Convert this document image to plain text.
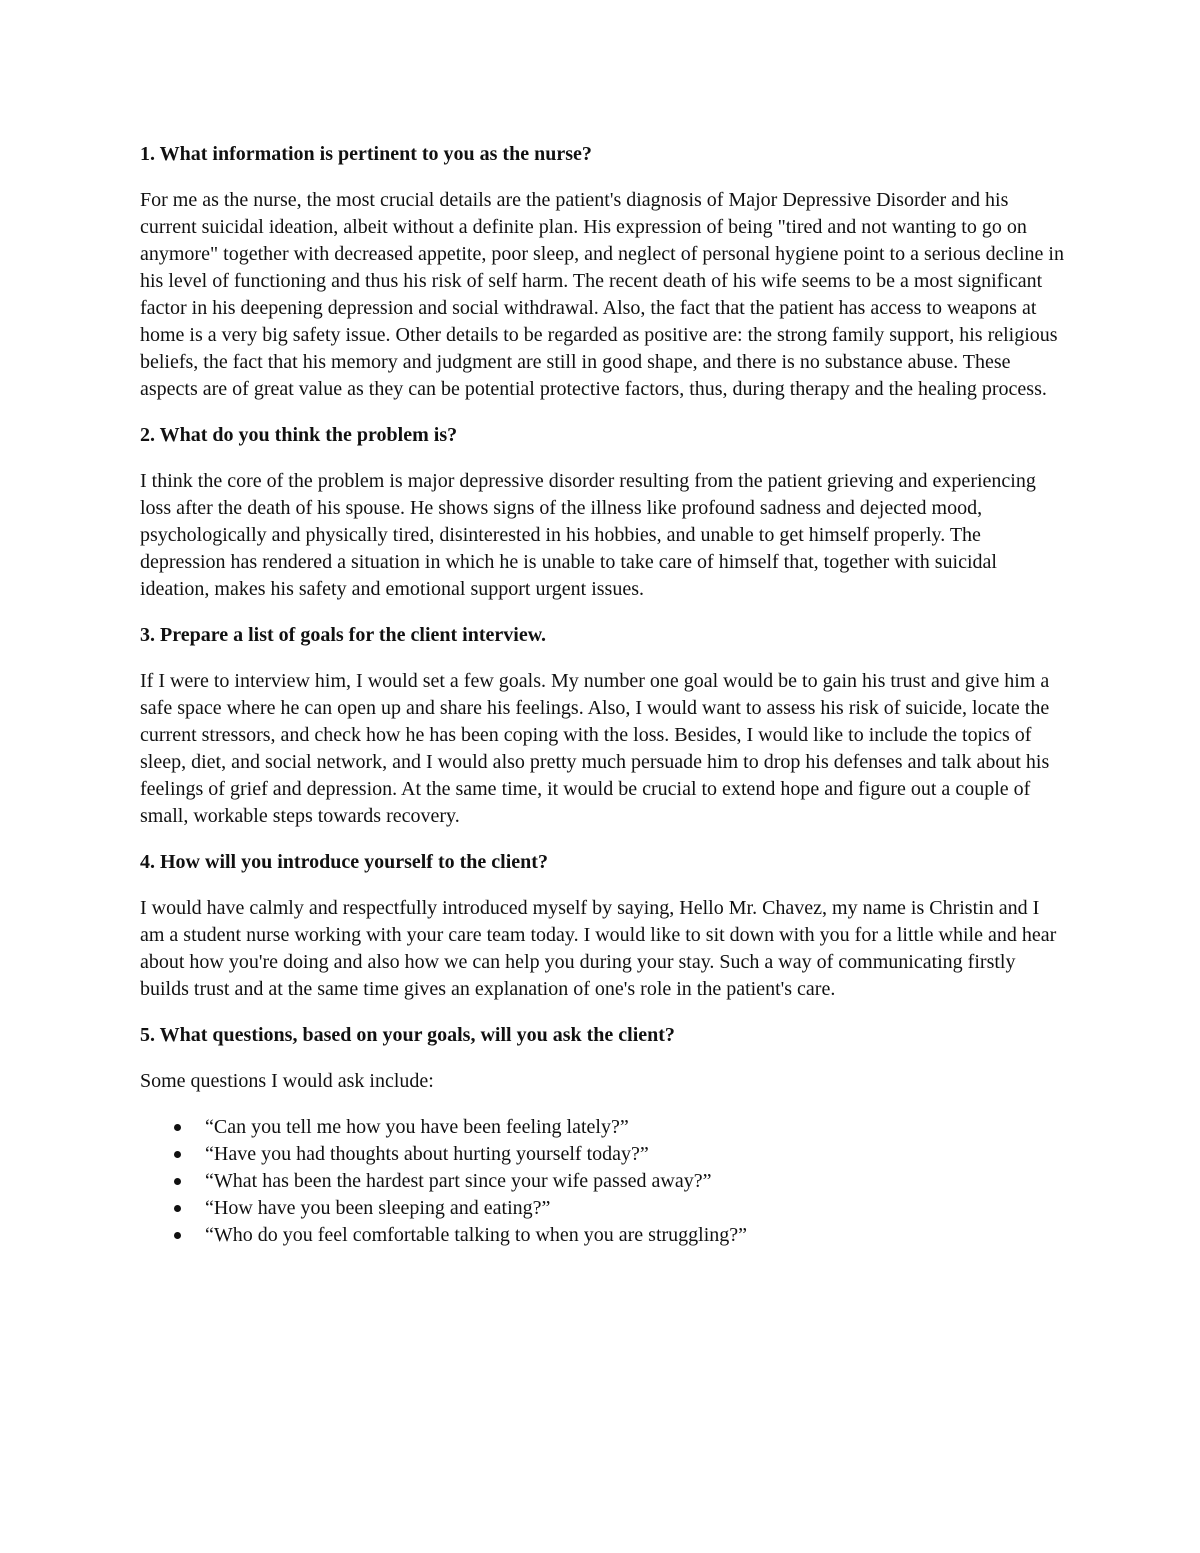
1. What information is pertinent to you as the nurse?

For me as the nurse, the most crucial details are the patient's diagnosis of Major Depressive Disorder and his current suicidal ideation, albeit without a definite plan. His expression of being "tired and not wanting to go on anymore" together with decreased appetite, poor sleep, and neglect of personal hygiene point to a serious decline in his level of functioning and thus his risk of self harm. The recent death of his wife seems to be a most significant factor in his deepening depression and social withdrawal. Also, the fact that the patient has access to weapons at home is a very big safety issue. Other details to be regarded as positive are: the strong family support, his religious beliefs, the fact that his memory and judgment are still in good shape, and there is no substance abuse. These aspects are of great value as they can be potential protective factors, thus, during therapy and the healing process.

2. What do you think the problem is?

I think the core of the problem is major depressive disorder resulting from the patient grieving and experiencing loss after the death of his spouse. He shows signs of the illness like profound sadness and dejected mood, psychologically and physically tired, disinterested in his hobbies, and unable to get himself properly. The depression has rendered a situation in which he is unable to take care of himself that, together with suicidal ideation, makes his safety and emotional support urgent issues.

3. Prepare a list of goals for the client interview.

If I were to interview him, I would set a few goals. My number one goal would be to gain his trust and give him a safe space where he can open up and share his feelings. Also, I would want to assess his risk of suicide, locate the current stressors, and check how he has been coping with the loss. Besides, I would like to include the topics of sleep, diet, and social network, and I would also pretty much persuade him to drop his defenses and talk about his feelings of grief and depression. At the same time, it would be crucial to extend hope and figure out a couple of small, workable steps towards recovery.

4. How will you introduce yourself to the client?

I would have calmly and respectfully introduced myself by saying, Hello Mr. Chavez, my name is Christin and I am a student nurse working with your care team today. I would like to sit down with you for a little while and hear about how you're doing and also how we can help you during your stay. Such a way of communicating firstly builds trust and at the same time gives an explanation of one's role in the patient's care.

5. What questions, based on your goals, will you ask the client?

Some questions I would ask include:

“Can you tell me how you have been feeling lately?”
“Have you had thoughts about hurting yourself today?”
“What has been the hardest part since your wife passed away?”
“How have you been sleeping and eating?”
“Who do you feel comfortable talking to when you are struggling?”
